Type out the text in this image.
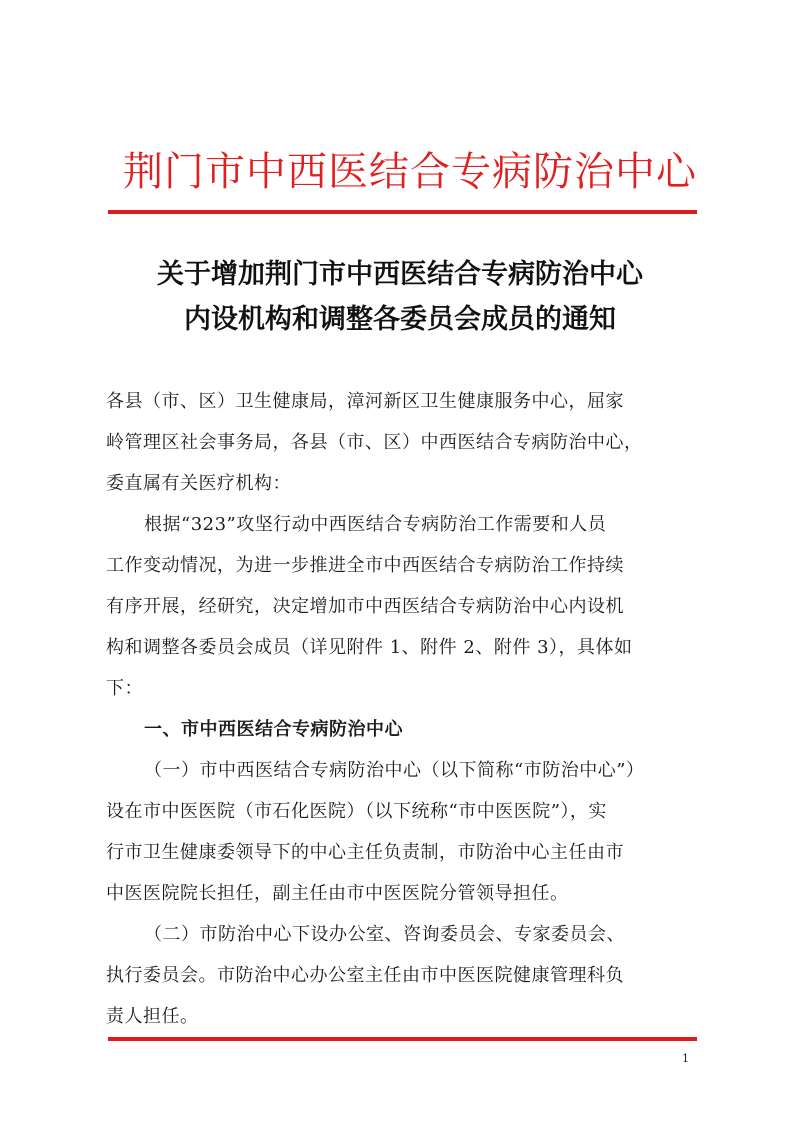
荆门市中西医结合专病防治中心
关于增加荆门市中西医结合专病防治中心
内设机构和调整各委员会成员的通知
各县（市、区）卫生健康局，漳河新区卫生健康服务中心，屈家
岭管理区社会事务局，各县（市、区）中西医结合专病防治中心，
委直属有关医疗机构：
根据“323”攻坚行动中西医结合专病防治工作需要和人员
工作变动情况，为进一步推进全市中西医结合专病防治工作持续
有序开展，经研究，决定增加市中西医结合专病防治中心内设机
构和调整各委员会成员（详见附件 1、附件 2、附件 3），具体如
下：
一、市中西医结合专病防治中心
（一）市中西医结合专病防治中心（以下简称“市防治中心”）
设在市中医医院（市石化医院）（以下统称“市中医医院”），实
行市卫生健康委领导下的中心主任负责制，市防治中心主任由市
中医医院院长担任，副主任由市中医医院分管领导担任。
（二）市防治中心下设办公室、咨询委员会、专家委员会、
执行委员会。市防治中心办公室主任由市中医医院健康管理科负
责人担任。
1
